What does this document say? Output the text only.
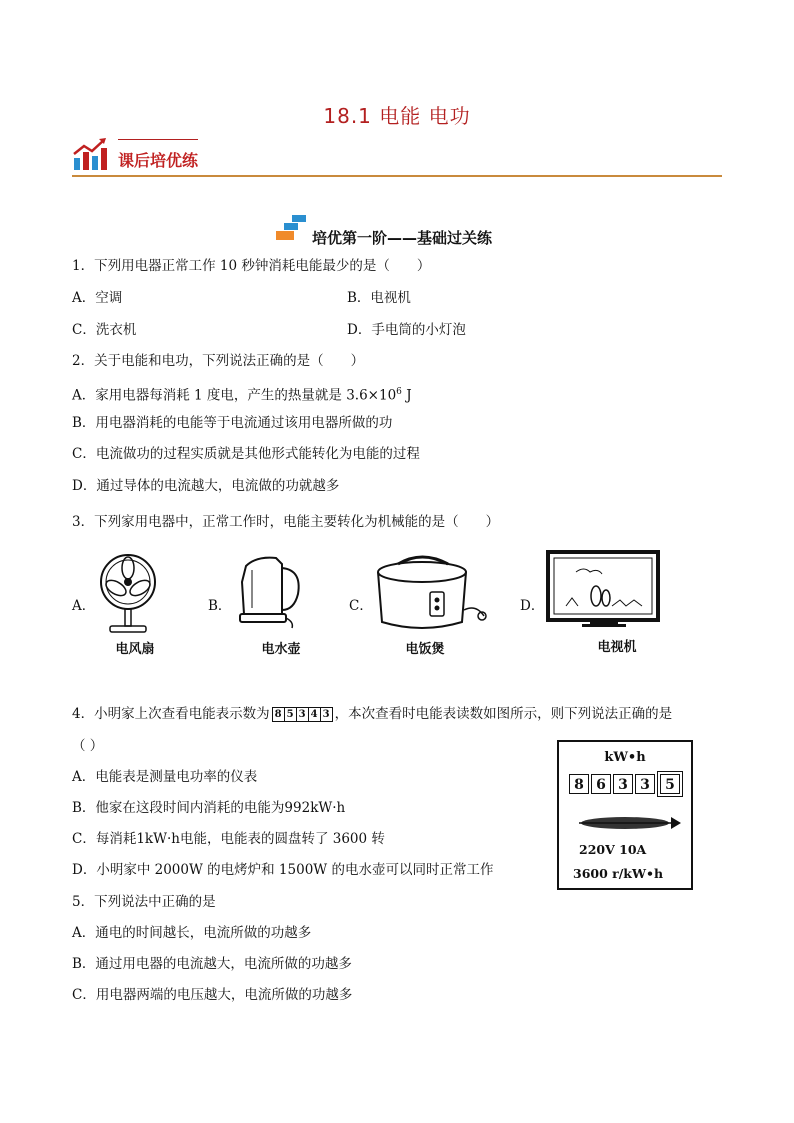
18.1 电能 电功
课后培优练
培优第一阶——基础过关练
1．下列用电器正常工作 10 秒钟消耗电能最少的是（　　）
A．空调	B．电视机
C．洗衣机	D．手电筒的小灯泡
2．关于电能和电功，下列说法正确的是（　　）
A．家用电器每消耗 1 度电，产生的热量就是 $3.6\times 10^6$ J
B．用电器消耗的电能等于电流通过该用电器所做的功
C．电流做功的过程实质就是其他形式能转化为电能的过程
D．通过导体的电流越大，电流做的功就越多
3．下列家用电器中，正常工作时，电能主要转化为机械能的是（　　）
A．
电风扇
B．
电水壶
C．
电饭煲
D．
电视机
4．小明家上次查看电能表示数为 8 5 3 4 3 ，本次查看时电能表读数如图所示，则下列说法正确的是
（ ）
A．电能表是测量电功率的仪表
B．他家在这段时间内消耗的电能为992kW·h
C．每消耗1kW·h电能，电能表的圆盘转了 3600 转
D．小明家中 2000W 的电烤炉和 1500W 的电水壶可以同时正常工作
kW•h
8 6 3 3	5
220V 10A
3600 r/kW•h
5．下列说法中正确的是
A．通电的时间越长，电流所做的功越多
B．通过用电器的电流越大，电流所做的功越多
C．用电器两端的电压越大，电流所做的功越多
